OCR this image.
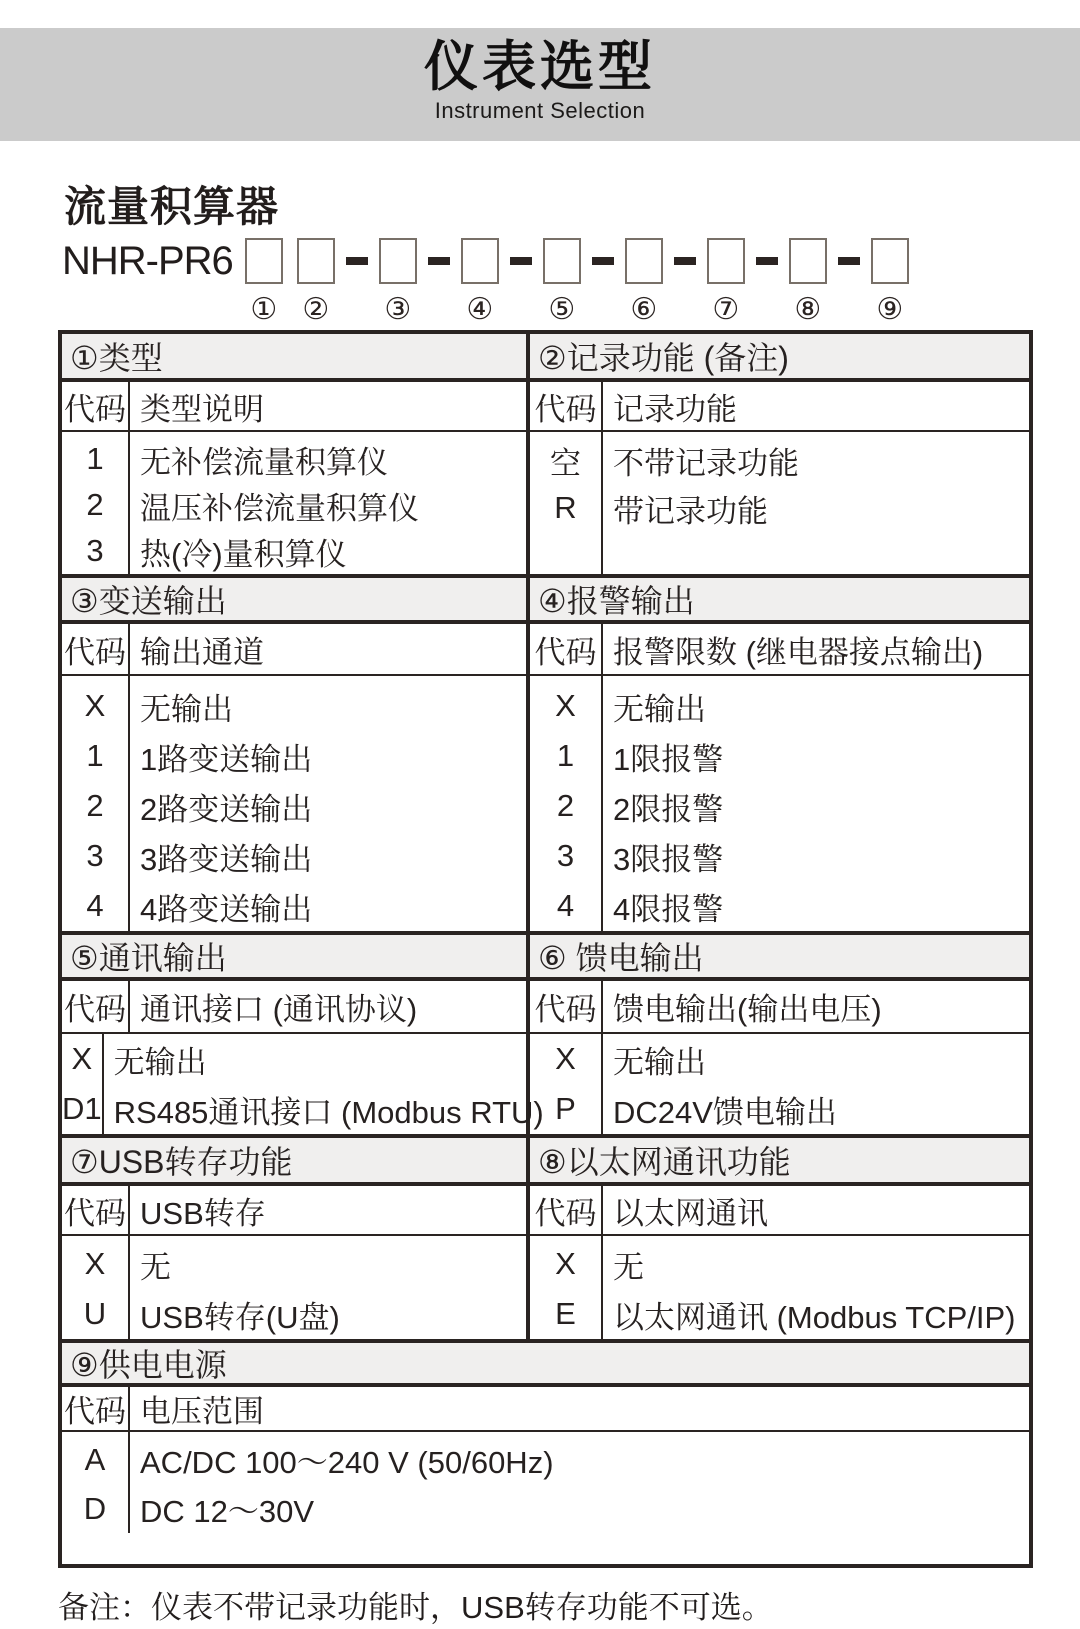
仪表选型
Instrument Selection
流量积算器
NHR-PR6
① ② ③ ④ ⑤ ⑥ ⑦ ⑧ ⑨
①类型
代码 类型说明
1
2
3
无补偿流量积算仪
温压补偿流量积算仪
热(冷)量积算仪
②记录功能 (备注)
代码 记录功能
空
R
不带记录功能
带记录功能
③变送输出
代码 输出通道
X
1
2
3
4
无输出
1路变送输出
2路变送输出
3路变送输出
4路变送输出
④报警输出
代码 报警限数 (继电器接点输出)
X
1
2
3
4
无输出
1限报警
2限报警
3限报警
4限报警
⑤通讯输出
代码 通讯接口 (通讯协议)
X
D1
无输出
RS485通讯接口 (Modbus RTU)
⑥ 馈电输出
代码 馈电输出(输出电压)
X
P
无输出
DC24V馈电输出
⑦USB转存功能
代码 USB转存
X
U
无
USB转存(U盘)
⑧以太网通讯功能
代码 以太网通讯
X
E
无
以太网通讯 (Modbus TCP/IP)
⑨供电电源
代码 电压范围
A
D
AC/DC 100～240 V (50/60Hz)
DC 12～30V
备注：仪表不带记录功能时，USB转存功能不可选。
